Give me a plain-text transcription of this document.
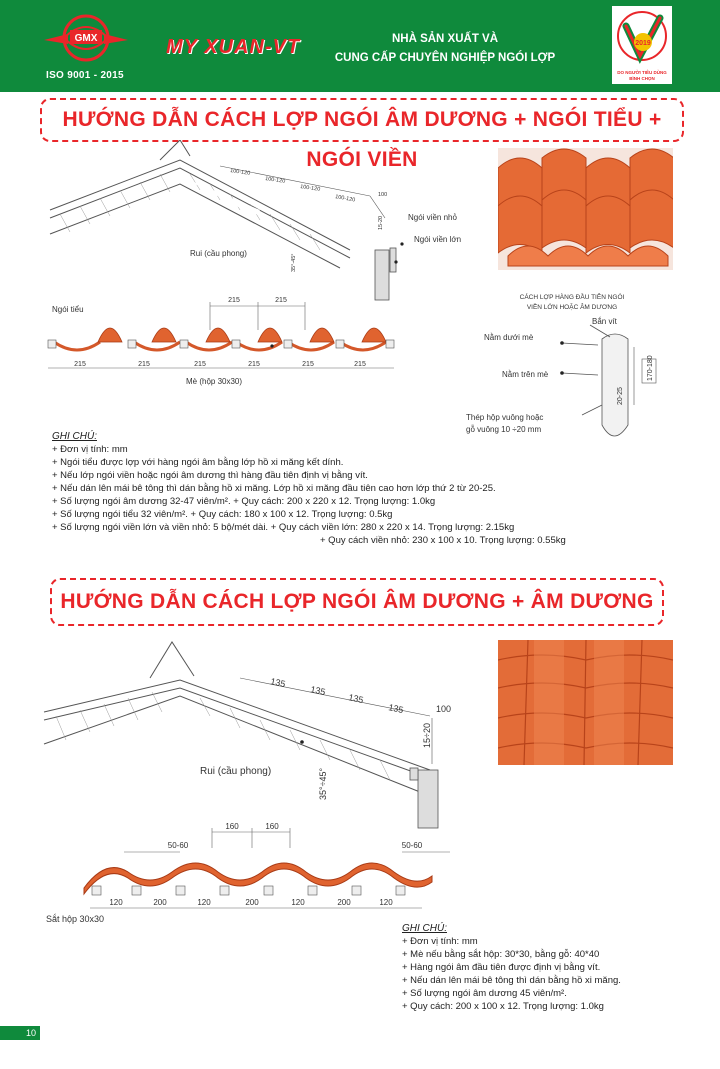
GMX
ISO 9001 - 2015
MY XUAN-VT	NHÀ SẢN XUẤT VÀ
CUNG CẤP CHUYÊN NGHIỆP NGÓI LỢP
2019
DO NGƯỜI TIÊU DÙNG
BÌNH CHỌN
HƯỚNG DẪN CÁCH LỢP NGÓI ÂM DƯƠNG + NGÓI TIỂU + NGÓI VIỀN
100-120
100-120
100-120
100-120	100
15-20
35°-45°
Rui (cầu phong)
Ngói viền nhỏ
Ngói viền lớn
Ngói tiểu
215	215
215	215	215	215	215	215
Mè (hộp 30x30)
CÁCH LỢP HÀNG ĐẦU TIÊN NGÓI
VIỀN LỚN HOẶC ÂM DƯƠNG
Bắn vít
Nằm dưới mè
Nằm trên mè
Thép hộp vuông hoặc
gỗ vuông 10 ÷20 mm
20-25
170-180
GHI CHÚ:
+ Đơn vị tính: mm
+ Ngói tiểu được lợp với hàng ngói âm bằng lớp hồ xi măng kết dính.
+ Nếu lớp ngói viền hoặc ngói âm dương thì hàng đầu tiên định vị bằng vít.
+ Nếu dán lên mái bê tông thì dán bằng hồ xi măng. Lớp hồ xi măng đầu tiên cao hơn lớp thứ 2 từ 20-25.
+ Số lượng ngói âm dương 32-47 viên/m². + Quy cách: 200 x 220 x 12. Trọng lượng: 1.0kg
+ Số lượng ngói tiểu 32 viên/m². + Quy cách: 180 x 100 x 12. Trọng lượng: 0.5kg
+ Số lượng ngói viền lớn và viền nhỏ: 5 bộ/mét dài. + Quy cách viền lớn: 280 x 220 x 14. Trọng lượng: 2.15kg
+ Quy cách viền nhỏ: 230 x 100 x 10. Trọng lượng: 0.55kg
HƯỚNG DẪN CÁCH LỢP NGÓI ÂM DƯƠNG + ÂM DƯƠNG
135
135
135
135	100
15÷20
35°÷45°
Rui (cầu phong)
160	160
50-60	50-60
120	200	120	200	120	200	120
Sắt hộp 30x30
GHI CHÚ:
+ Đơn vị tính: mm
+ Mè nếu bằng sắt hộp: 30*30, bằng gỗ: 40*40
+ Hàng ngói âm đầu tiên được định vị bằng vít.
+ Nếu dán lên mái bê tông thì dán bằng hồ xi măng.
+ Số lượng ngói âm dương 45 viên/m².
+ Quy cách: 200 x 100 x 12. Trọng lượng: 1.0kg
10
